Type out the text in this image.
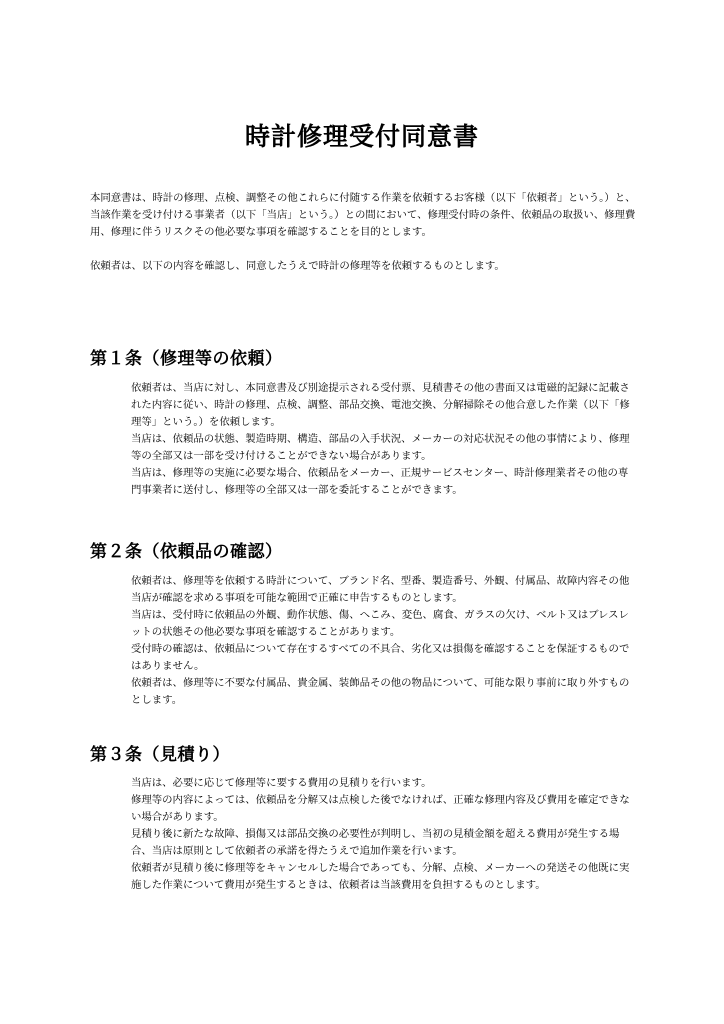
時計修理受付同意書

本同意書は、時計の修理、点検、調整その他これらに付随する作業を依頼するお客様（以下「依頼者」という。）と、当該作業を受け付ける事業者（以下「当店」という。）との間において、修理受付時の条件、依頼品の取扱い、修理費用、修理に伴うリスクその他必要な事項を確認することを目的とします。

依頼者は、以下の内容を確認し、同意したうえで時計の修理等を依頼するものとします。

第１条（修理等の依頼）

依頼者は、当店に対し、本同意書及び別途提示される受付票、見積書その他の書面又は電磁的記録に記載された内容に従い、時計の修理、点検、調整、部品交換、電池交換、分解掃除その他合意した作業（以下「修理等」という。）を依頼します。

当店は、依頼品の状態、製造時期、構造、部品の入手状況、メーカーの対応状況その他の事情により、修理等の全部又は一部を受け付けることができない場合があります。

当店は、修理等の実施に必要な場合、依頼品をメーカー、正規サービスセンター、時計修理業者その他の専門事業者に送付し、修理等の全部又は一部を委託することができます。

第２条（依頼品の確認）

依頼者は、修理等を依頼する時計について、ブランド名、型番、製造番号、外観、付属品、故障内容その他当店が確認を求める事項を可能な範囲で正確に申告するものとします。

当店は、受付時に依頼品の外観、動作状態、傷、へこみ、変色、腐食、ガラスの欠け、ベルト又はブレスレットの状態その他必要な事項を確認することがあります。

受付時の確認は、依頼品について存在するすべての不具合、劣化又は損傷を確認することを保証するものではありません。

依頼者は、修理等に不要な付属品、貴金属、装飾品その他の物品について、可能な限り事前に取り外すものとします。

第３条（見積り）

当店は、必要に応じて修理等に要する費用の見積りを行います。

修理等の内容によっては、依頼品を分解又は点検した後でなければ、正確な修理内容及び費用を確定できない場合があります。

見積り後に新たな故障、損傷又は部品交換の必要性が判明し、当初の見積金額を超える費用が発生する場合、当店は原則として依頼者の承諾を得たうえで追加作業を行います。

依頼者が見積り後に修理等をキャンセルした場合であっても、分解、点検、メーカーへの発送その他既に実施した作業について費用が発生するときは、依頼者は当該費用を負担するものとします。
